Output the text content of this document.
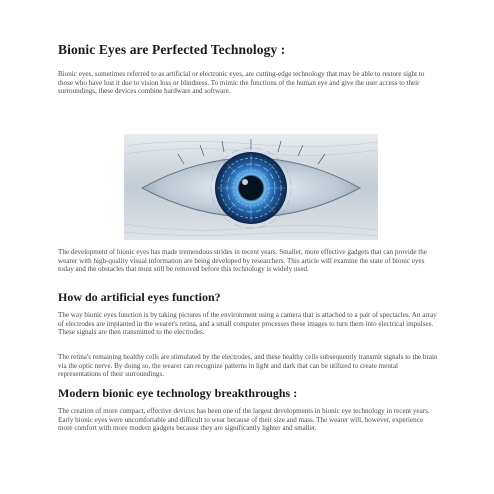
Bionic Eyes are Perfected Technology :

Bionic eyes, sometimes referred to as artificial or electronic eyes, are cutting-edge technology that may be able to restore sight to those who have lost it due to vision loss or blindness. To mimic the functions of the human eye and give the user access to their surroundings, these devices combine hardware and software.

The development of bionic eyes has made tremendous strides in recent years. Smaller, more effective gadgets that can provide the wearer with high-quality visual information are being developed by researchers. This article will examine the state of bionic eyes today and the obstacles that must still be removed before this technology is widely used.

How do artificial eyes function?

The way bionic eyes function is by taking pictures of the environment using a camera that is attached to a pair of spectacles. An array of electrodes are implanted in the wearer's retina, and a small computer processes these images to turn them into electrical impulses. These signals are then transmitted to the electrodes.

The retina's remaining healthy cells are stimulated by the electrodes, and these healthy cells subsequently transmit signals to the brain via the optic nerve. By doing so, the wearer can recognize patterns in light and dark that can be utilized to create mental representations of their surroundings.

Modern bionic eye technology breakthroughs :

The creation of more compact, effective devices has been one of the largest developments in bionic eye technology in recent years. Early bionic eyes were uncomfortable and difficult to wear because of their size and mass. The wearer will, however, experience more comfort with more modern gadgets because they are significantly lighter and smaller.
